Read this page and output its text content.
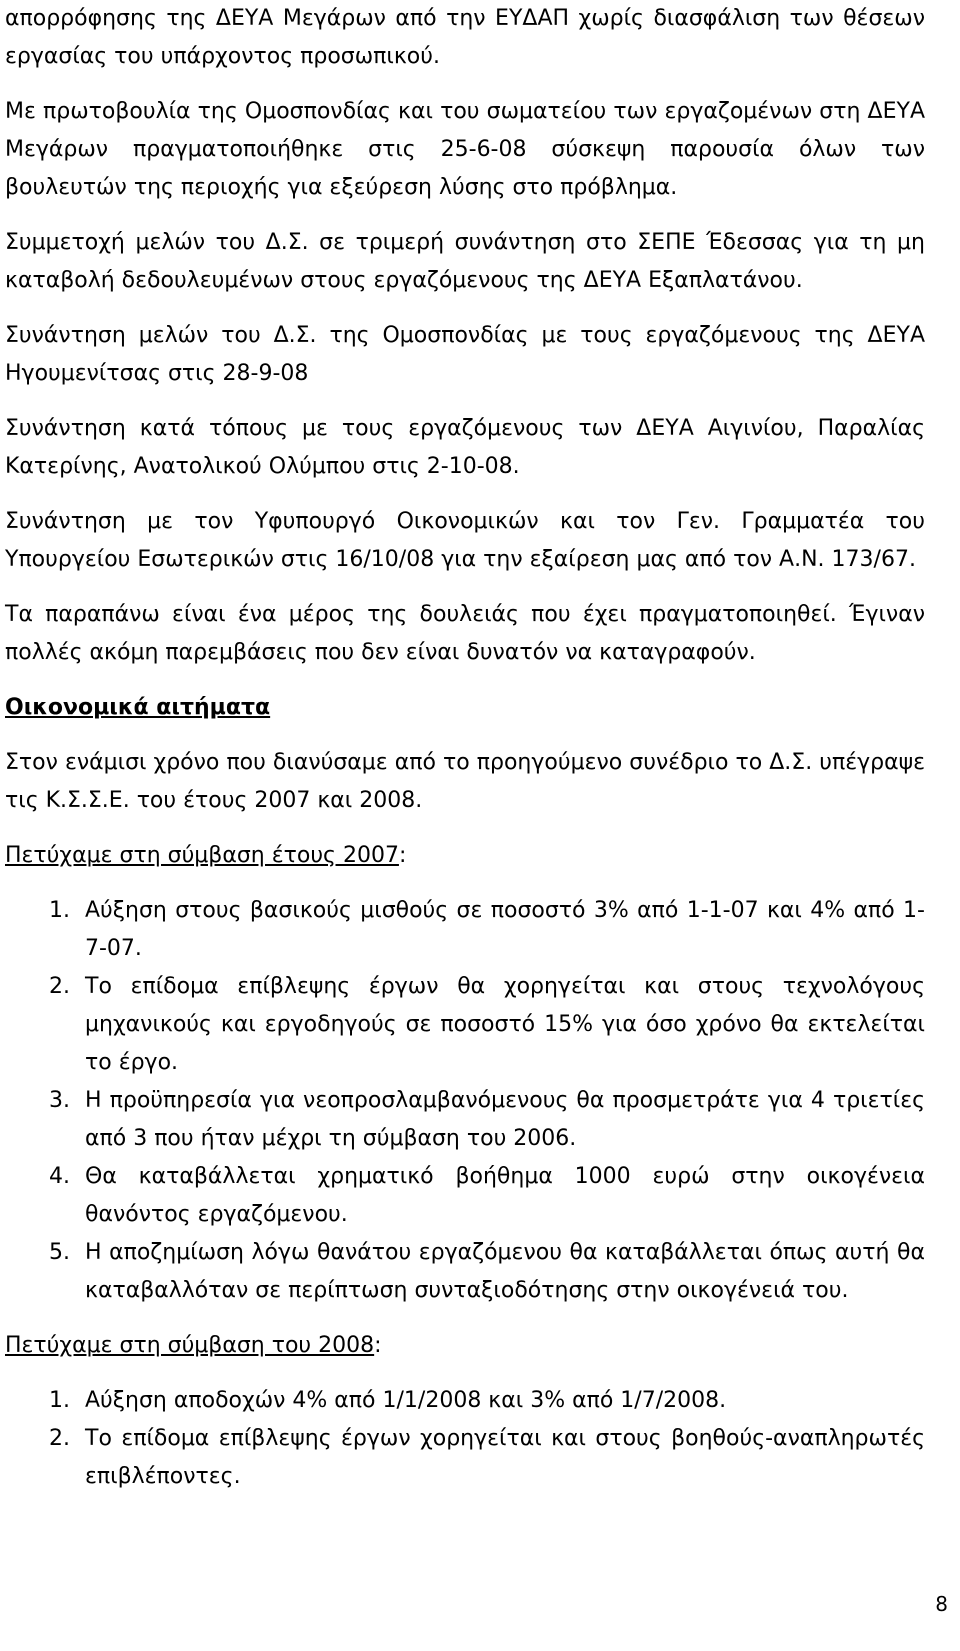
απορρόφησης της ΔΕΥΑ Μεγάρων από την ΕΥΔΑΠ χωρίς διασφάλιση των θέσεων εργασίας του υπάρχοντος προσωπικού.

Με πρωτοβουλία της Ομοσπονδίας και του σωματείου των εργαζομένων στη ΔΕΥΑ Μεγάρων πραγματοποιήθηκε στις 25-6-08 σύσκεψη παρουσία όλων των βουλευτών της περιοχής για εξεύρεση λύσης στο πρόβλημα.

Συμμετοχή μελών του Δ.Σ. σε τριμερή συνάντηση στο ΣΕΠΕ Έδεσσας για τη μη καταβολή δεδουλευμένων στους εργαζόμενους της ΔΕΥΑ Εξαπλατάνου.

Συνάντηση μελών του Δ.Σ. της Ομοσπονδίας με τους εργαζόμενους της ΔΕΥΑ Ηγουμενίτσας στις 28-9-08

Συνάντηση κατά τόπους με τους εργαζόμενους των ΔΕΥΑ Αιγινίου, Παραλίας Κατερίνης, Ανατολικού Ολύμπου στις 2-10-08.

Συνάντηση με τον Υφυπουργό Οικονομικών και τον Γεν. Γραμματέα του Υπουργείου Εσωτερικών στις 16/10/08 για την εξαίρεση μας από τον Α.Ν. 173/67.

Τα παραπάνω είναι ένα μέρος της δουλειάς που έχει πραγματοποιηθεί. Έγιναν πολλές ακόμη παρεμβάσεις που δεν είναι δυνατόν να καταγραφούν.

Οικονομικά αιτήματα

Στον ενάμισι χρόνο που διανύσαμε από το προηγούμενο συνέδριο το Δ.Σ. υπέγραψε τις Κ.Σ.Σ.Ε. του έτους 2007 και 2008.

Πετύχαμε στη σύμβαση έτους 2007:

1. Αύξηση στους βασικούς μισθούς σε ποσοστό 3% από 1-1-07 και 4% από 1-7-07.
2. Το επίδομα επίβλεψης έργων θα χορηγείται και στους τεχνολόγους μηχανικούς και εργοδηγούς σε ποσοστό 15% για όσο χρόνο θα εκτελείται το έργο.
3. Η προϋπηρεσία για νεοπροσλαμβανόμενους θα προσμετράτε για 4 τριετίες από 3 που ήταν μέχρι τη σύμβαση του 2006.
4. Θα καταβάλλεται χρηματικό βοήθημα 1000 ευρώ στην οικογένεια θανόντος εργαζόμενου.
5. Η αποζημίωση λόγω θανάτου εργαζόμενου θα καταβάλλεται όπως αυτή θα καταβαλλόταν σε περίπτωση συνταξιοδότησης στην οικογένειά του.

Πετύχαμε στη σύμβαση του 2008:

1. Αύξηση αποδοχών 4% από 1/1/2008 και 3% από 1/7/2008.
2. Το επίδομα επίβλεψης έργων χορηγείται και στους βοηθούς-αναπληρωτές επιβλέποντες.
8
